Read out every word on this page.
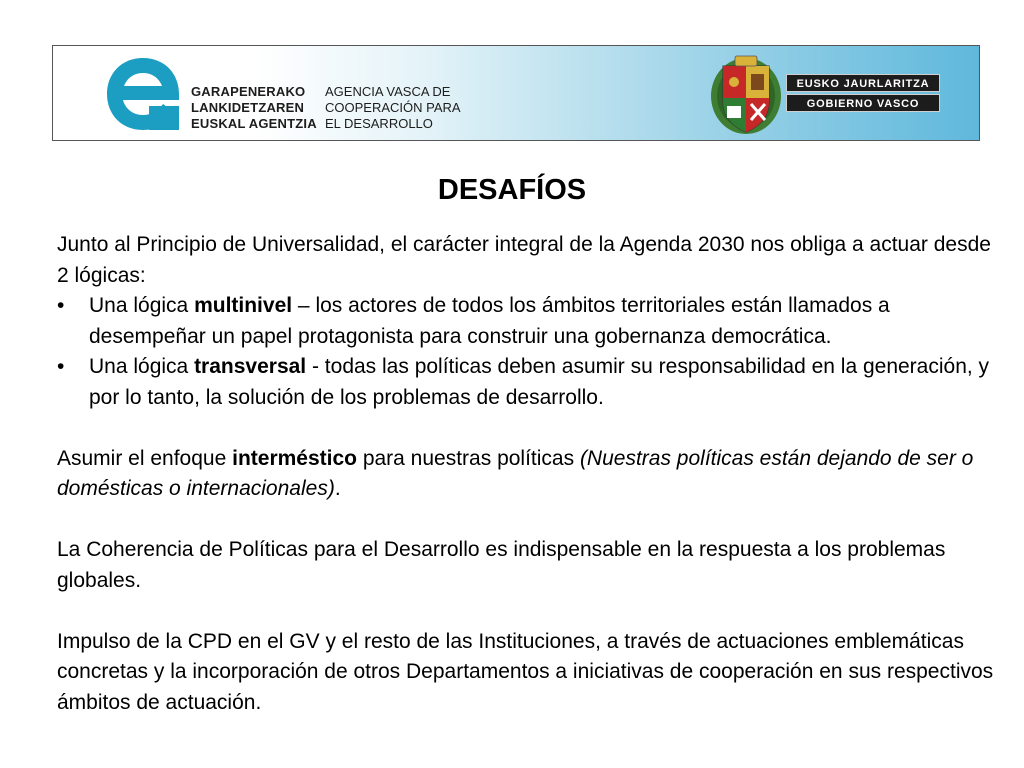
GARAPENERAKO
LANKIDETZAREN
EUSKAL AGENTZIA
AGENCIA VASCA DE
COOPERACIÓN PARA
EL DESARROLLO
EUSKO JAURLARITZA
GOBIERNO VASCO
DESAFÍOS

Junto al Principio de Universalidad, el carácter integral de la Agenda 2030 nos obliga a actuar desde 2 lógicas:

• Una lógica multinivel – los actores de todos los ámbitos territoriales están llamados a desempeñar un papel protagonista para construir una gobernanza democrática.
• Una lógica transversal - todas las políticas deben asumir su responsabilidad en la generación, y por lo tanto, la solución de los problemas de desarrollo.

Asumir el enfoque interméstico para nuestras políticas (Nuestras políticas están dejando de ser o domésticas o internacionales).

La Coherencia de Políticas para el Desarrollo es indispensable en la respuesta a los problemas globales.

Impulso de la CPD en el GV y el resto de las Instituciones, a través de actuaciones emblemáticas concretas y la incorporación de otros Departamentos a iniciativas de cooperación en sus respectivos ámbitos de actuación.
